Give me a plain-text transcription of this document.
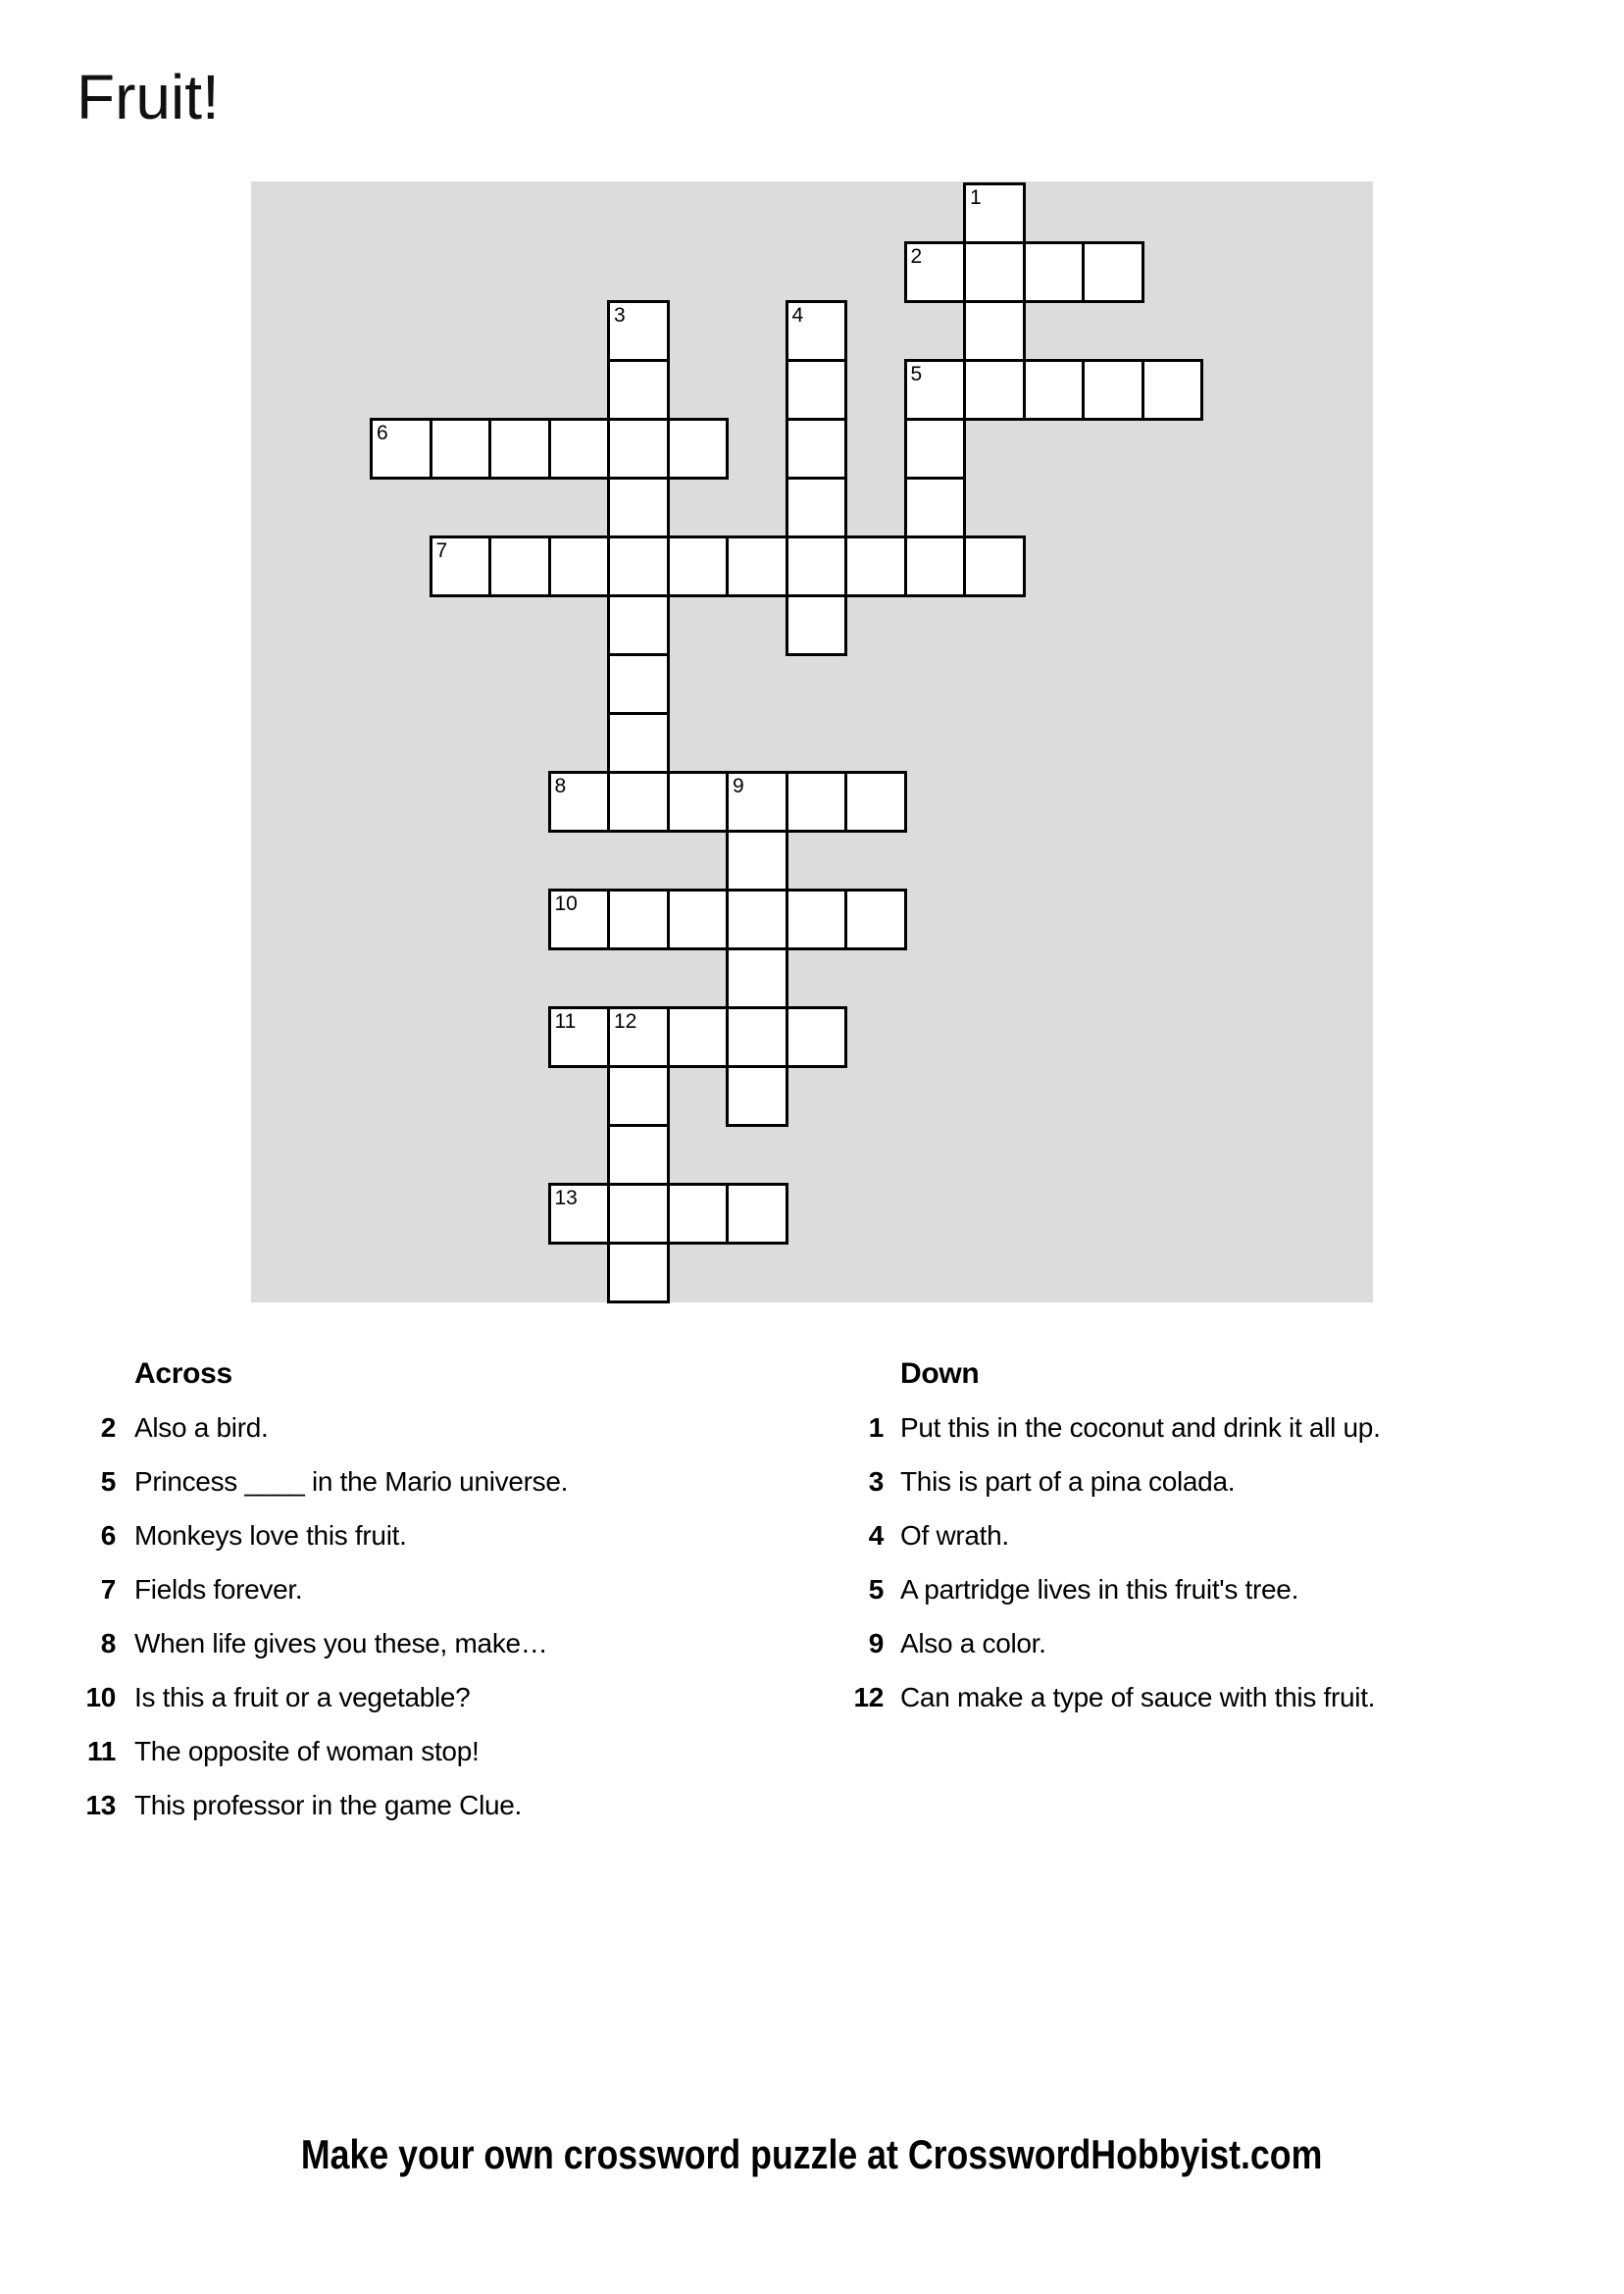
Fruit!
1
2
3	4
5
6
7
8	9
10
11 12
13
Across
2 Also a bird.
5 Princess ____ in the Mario universe.
6 Monkeys love this fruit.
7 Fields forever.
8 When life gives you these, make…
10 Is this a fruit or a vegetable?
11 The opposite of woman stop!
13 This professor in the game Clue.
Down
1 Put this in the coconut and drink it all up.
3 This is part of a pina colada.
4 Of wrath.
5 A partridge lives in this fruit's tree.
9 Also a color.
12 Can make a type of sauce with this fruit.
Make your own crossword puzzle at CrosswordHobbyist.com
